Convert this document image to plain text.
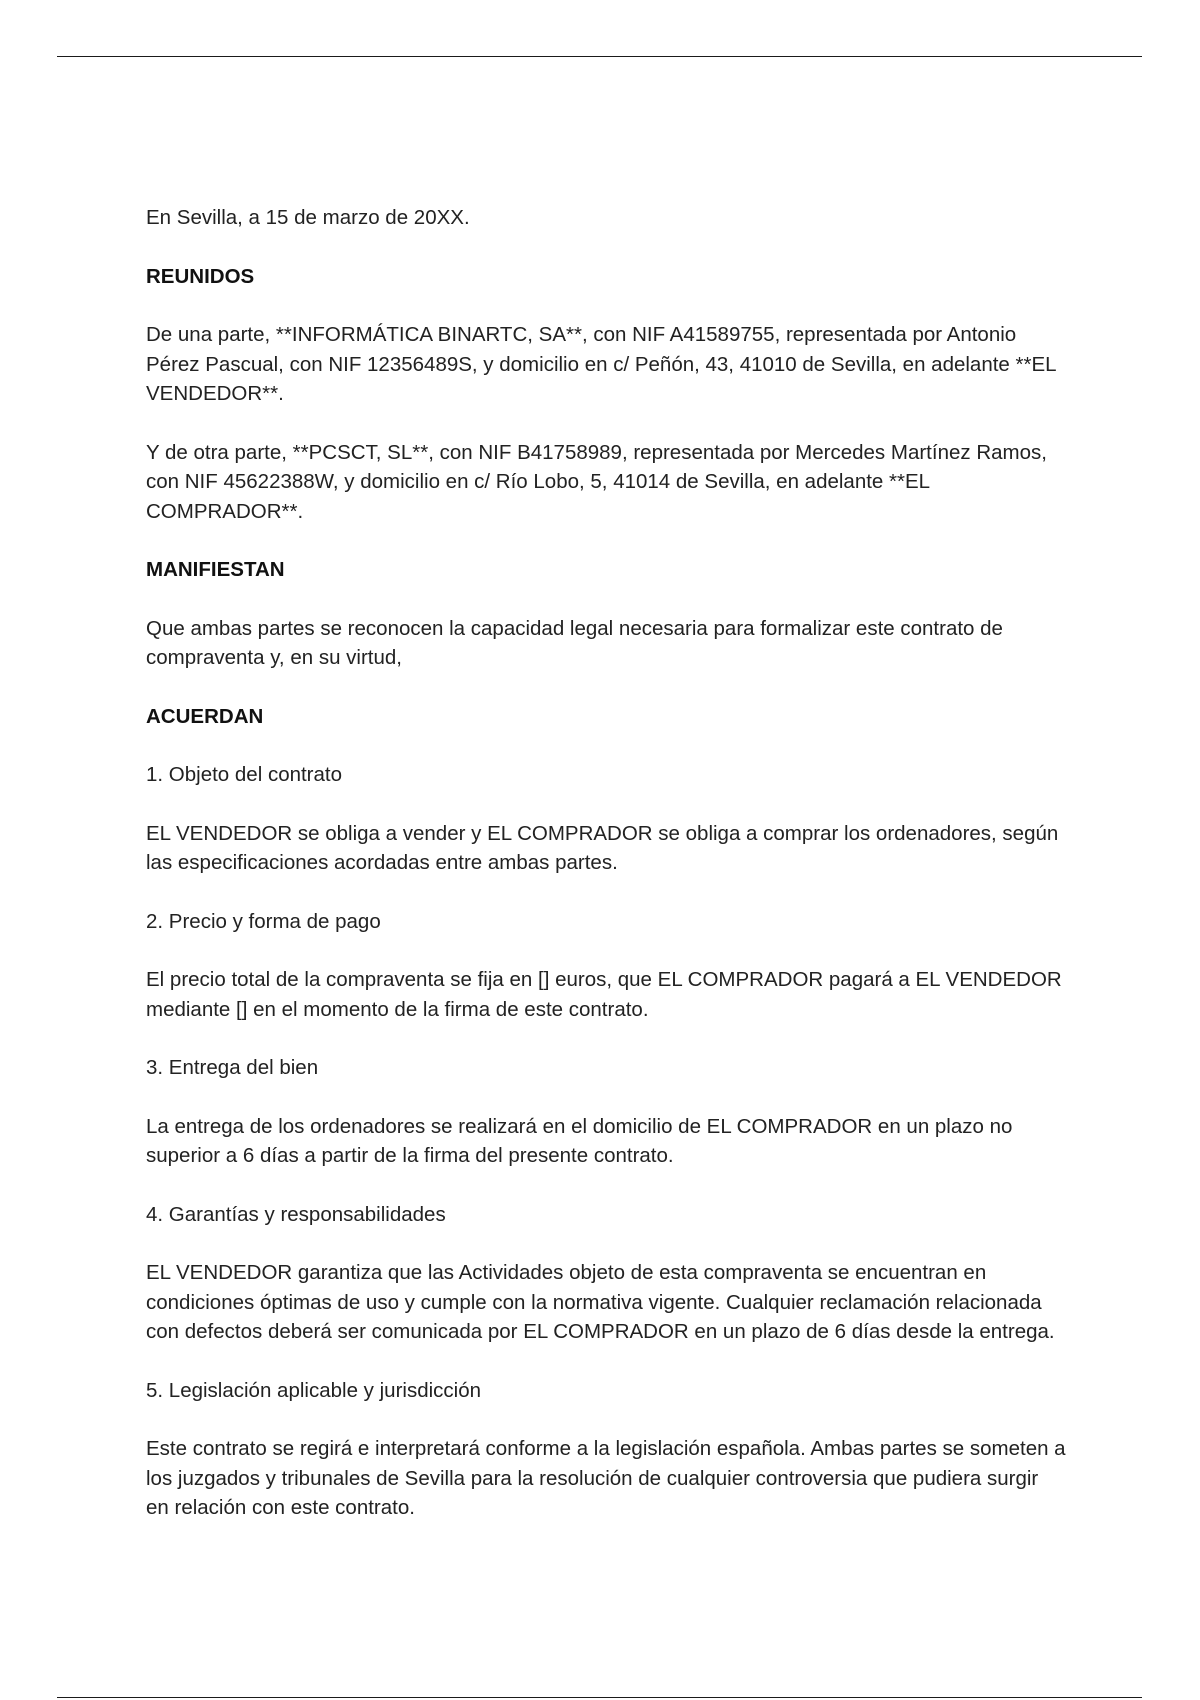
En Sevilla, a 15 de marzo de 20XX.

REUNIDOS

De una parte, **INFORMÁTICA BINARTC, SA**, con NIF A41589755, representada por Antonio Pérez Pascual, con NIF 12356489S, y domicilio en c/ Peñón, 43, 41010 de Sevilla, en adelante **EL VENDEDOR**.

Y de otra parte, **PCSCT, SL**, con NIF B41758989, representada por Mercedes Martínez Ramos, con NIF 45622388W, y domicilio en c/ Río Lobo, 5, 41014 de Sevilla, en adelante **EL COMPRADOR**.

MANIFIESTAN

Que ambas partes se reconocen la capacidad legal necesaria para formalizar este contrato de compraventa y, en su virtud,

ACUERDAN

1. Objeto del contrato

EL VENDEDOR se obliga a vender y EL COMPRADOR se obliga a comprar los ordenadores, según las especificaciones acordadas entre ambas partes.

2. Precio y forma de pago

El precio total de la compraventa se fija en [] euros, que EL COMPRADOR pagará a EL VENDEDOR mediante [] en el momento de la firma de este contrato.

3. Entrega del bien

La entrega de los ordenadores se realizará en el domicilio de EL COMPRADOR en un plazo no superior a 6 días a partir de la firma del presente contrato.

4. Garantías y responsabilidades

EL VENDEDOR garantiza que las Actividades objeto de esta compraventa se encuentran en condiciones óptimas de uso y cumple con la normativa vigente. Cualquier reclamación relacionada con defectos deberá ser comunicada por EL COMPRADOR en un plazo de 6 días desde la entrega.

5. Legislación aplicable y jurisdicción

Este contrato se regirá e interpretará conforme a la legislación española. Ambas partes se someten a los juzgados y tribunales de Sevilla para la resolución de cualquier controversia que pudiera surgir en relación con este contrato.
